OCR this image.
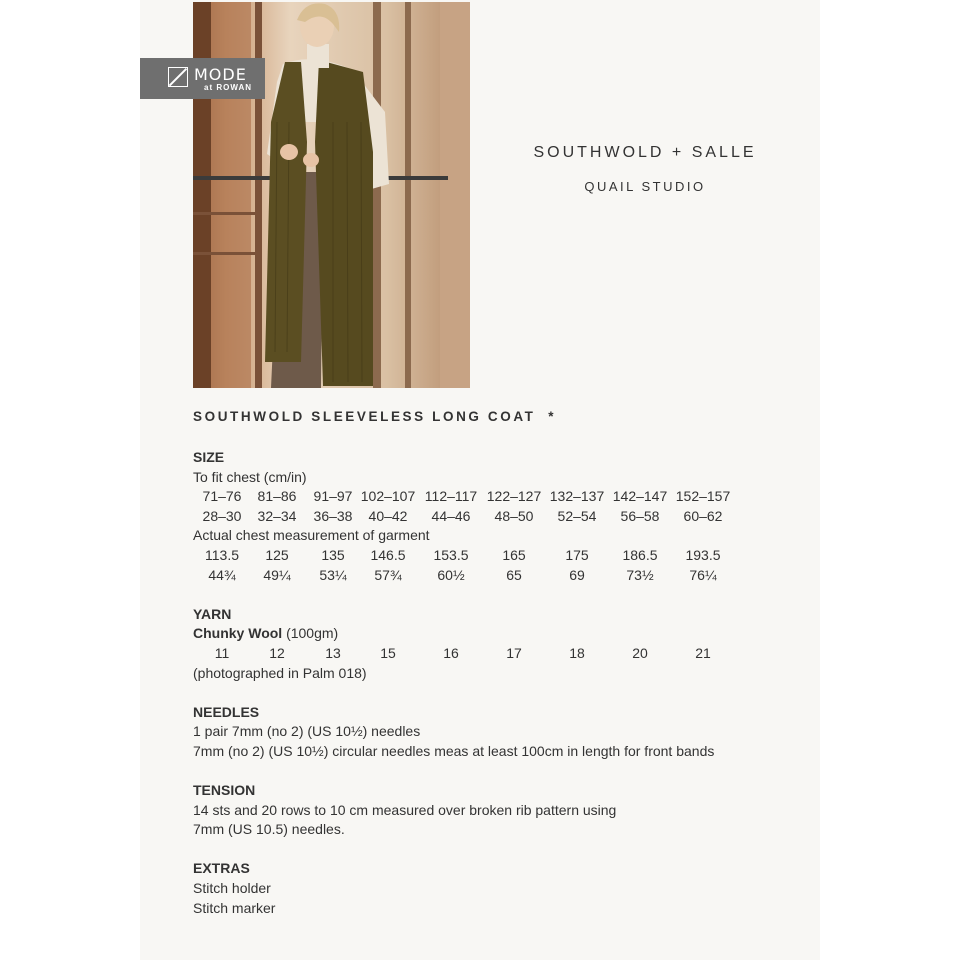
MODE
at ROWAN
SOUTHWOLD + SALLE
QUAIL STUDIO
SOUTHWOLD SLEEVELESS LONG COAT  *
SIZE
To fit chest (cm/in)
71–76 81–86 91–97 102–107 112–117 122–127 132–137 142–147 152–157
28–30 32–34 36–38 40–42 44–46 48–50 52–54 56–58 60–62
Actual chest measurement of garment
113.5 125 135 146.5 153.5 165	175 186.5 193.5
44¾ 49¼ 53¼ 57¾	60½	65	69	73½	76¼
YARN
Chunky Wool (100gm)
11	12	13	15	16	17	18	20	21
(photographed in Palm 018)
NEEDLES
1 pair 7mm (no 2) (US 10½) needles
7mm (no 2) (US 10½) circular needles meas at least 100cm in length for front bands
TENSION
14 sts and 20 rows to 10 cm measured over broken rib pattern using
7mm (US 10.5) needles.
EXTRAS
Stitch holder
Stitch marker
